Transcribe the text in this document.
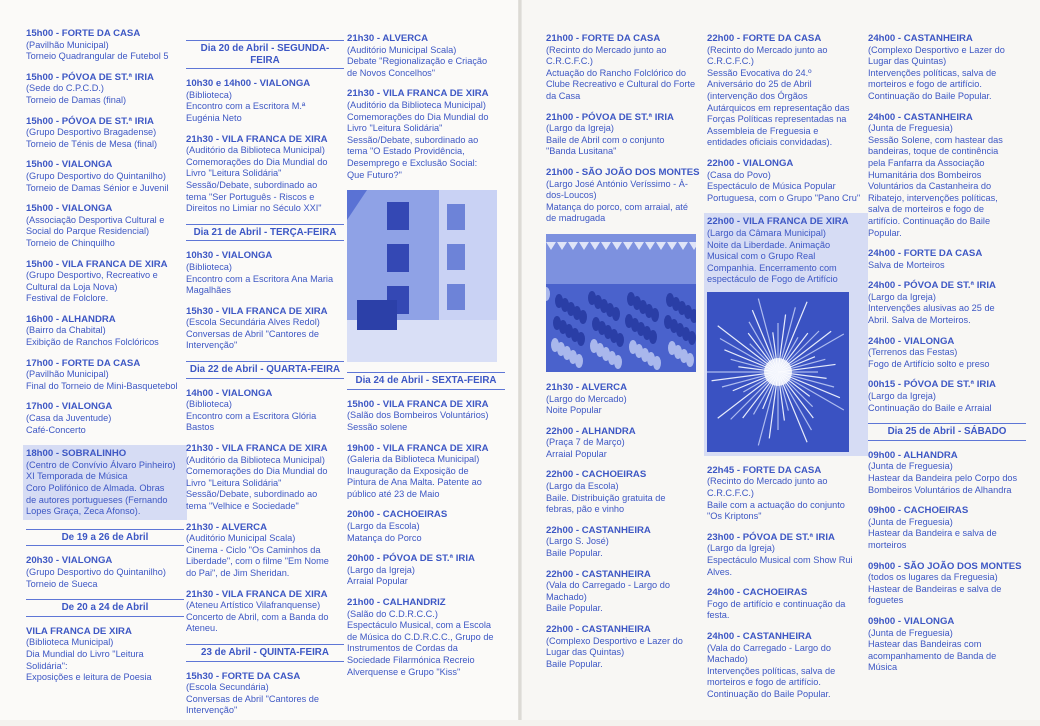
15h00 - FORTE DA CASA
(Pavilhão Municipal)
Torneio Quadrangular de Futebol 5
15h00 - PÓVOA DE ST.ª IRIA
(Sede do C.P.C.D.)
Torneio de Damas (final)
15h00 - PÓVOA DE ST.ª IRIA
(Grupo Desportivo Bragadense)
Torneio de Ténis de Mesa (final)
15h00 - VIALONGA
(Grupo Desportivo do Quintanilho)
Torneio de Damas Sénior e Juvenil
15h00 - VIALONGA
(Associação Desportiva Cultural e
Social do Parque Residencial)
Torneio de Chinquilho
15h00 - VILA FRANCA DE XIRA
(Grupo Desportivo, Recreativo e
Cultural da Loja Nova)
Festival de Folclore.
16h00 - ALHANDRA
(Bairro da Chabital)
Exibição de Ranchos Folclóricos
17h00 - FORTE DA CASA
(Pavilhão Municipal)
Final do Torneio de Mini-Basquetebol
17h00 - VIALONGA
(Casa da Juventude)
Café-Concerto
18h00 - SOBRALINHO
(Centro de Convívio Álvaro Pinheiro)
XI Temporada de Música
Coro Polifónico de Almada. Obras
de autores portugueses (Fernando
Lopes Graça, Zeca Afonso).
De 19 a 26 de Abril
20h30 - VIALONGA
(Grupo Desportivo do Quintanilho)
Torneio de Sueca
De 20 a 24 de Abril
VILA FRANCA DE XIRA
(Biblioteca Municipal)
Dia Mundial do Livro "Leitura Solidária":
Exposições e leitura de Poesia
Dia 20 de Abril - SEGUNDA-FEIRA
10h30 e 14h00 - VIALONGA
(Biblioteca)
Encontro com a Escritora M.ª
Eugénia Neto
21h30 - VILA FRANCA DE XIRA
(Auditório da Biblioteca Municipal)
Comemorações do Dia Mundial do
Livro "Leitura Solidária"
Sessão/Debate, subordinado ao
tema "Ser Português - Riscos e
Direitos no Limiar no Século XXI"
Dia 21 de Abril - TERÇA-FEIRA
10h30 - VIALONGA
(Biblioteca)
Encontro com a Escritora Ana Maria
Magalhães
15h30 - VILA FRANCA DE XIRA
(Escola Secundária Alves Redol)
Conversas de Abril "Cantores de
Intervenção"
Dia 22 de Abril - QUARTA-FEIRA
14h00 - VIALONGA
(Biblioteca)
Encontro com a Escritora Glória Bastos
21h30 - VILA FRANCA DE XIRA
(Auditório da Biblioteca Municipal)
Comemorações do Dia Mundial do
Livro "Leitura Solidária"
Sessão/Debate, subordinado ao
tema "Velhice e Sociedade"
21h30 - ALVERCA
(Auditório Municipal Scala)
Cinema - Ciclo "Os Caminhos da
Liberdade", com o filme "Em Nome
do Pai", de Jim Sheridan.
21h30 - VILA FRANCA DE XIRA
(Ateneu Artístico Vilafranquense)
Concerto de Abril, com a Banda do
Ateneu.
23 de Abril - QUINTA-FEIRA
15h30 - FORTE DA CASA
(Escola Secundária)
Conversas de Abril "Cantores de
Intervenção"
21h30 - ALVERCA
(Auditório Municipal Scala)
Debate "Regionalização e Criação
de Novos Concelhos"
21h30 - VILA FRANCA DE XIRA
(Auditório da Biblioteca Municipal)
Comemorações do Dia Mundial do
Livro "Leitura Solidária"
Sessão/Debate, subordinado ao
tema "O Estado Providência,
Desemprego e Exclusão Social:
Que Futuro?"
Dia 24 de Abril - SEXTA-FEIRA
15h00 - VILA FRANCA DE XIRA
(Salão dos Bombeiros Voluntários)
Sessão solene
19h00 - VILA FRANCA DE XIRA
(Galeria da Biblioteca Municipal)
Inauguração da Exposição de
Pintura de Ana Malta. Patente ao
público até 23 de Maio
20h00 - CACHOEIRAS
(Largo da Escola)
Matança do Porco
20h00 - PÓVOA DE ST.ª IRIA
(Largo da Igreja)
Arraial Popular
21h00 - CALHANDRIZ
(Salão do C.D.R.C.C.)
Espectáculo Musical, com a Escola
de Música do C.D.R.C.C., Grupo de
Instrumentos de Cordas da
Sociedade Filarmónica Recreio
Alverquense e Grupo "Kiss"
21h00 - FORTE DA CASA
(Recinto do Mercado junto ao
C.R.C.F.C.)
Actuação do Rancho Folclórico do
Clube Recreativo e Cultural do Forte
da Casa
21h00 - PÓVOA DE ST.ª IRIA
(Largo da Igreja)
Baile de Abril com o conjunto
"Banda Lusitana"
21h00 - SÃO JOÃO DOS MONTES
(Largo José António Veríssimo - À-
dos-Loucos)
Matança do porco, com arraial, até
de madrugada
21h30 - ALVERCA
(Largo do Mercado)
Noite Popular
22h00 - ALHANDRA
(Praça 7 de Março)
Arraial Popular
22h00 - CACHOEIRAS
(Largo da Escola)
Baile. Distribuição gratuita de
febras, pão e vinho
22h00 - CASTANHEIRA
(Largo S. José)
Baile Popular.
22h00 - CASTANHEIRA
(Vala do Carregado - Largo do
Machado)
Baile Popular.
22h00 - CASTANHEIRA
(Complexo Desportivo e Lazer do
Lugar das Quintas)
Baile Popular.
22h00 - FORTE DA CASA
(Recinto do Mercado junto ao
C.R.C.F.C.)
Sessão Evocativa do 24.º
Aniversário do 25 de Abril
(intervenção dos Órgãos
Autárquicos em representação das
Forças Políticas representadas na
Assembleia de Freguesia e
entidades oficiais convidadas).
22h00 - VIALONGA
(Casa do Povo)
Espectáculo de Música Popular
Portuguesa, com o Grupo "Pano Cru"
22h00 - VILA FRANCA DE XIRA
(Largo da Câmara Municipal)
Noite da Liberdade. Animação
Musical com o Grupo Real
Companhia. Encerramento com
espectáculo de Fogo de Artifício
22h45 - FORTE DA CASA
(Recinto do Mercado junto ao
C.R.C.F.C.)
Baile com a actuação do conjunto
"Os Kriptons"
23h00 - PÓVOA DE ST.ª IRIA
(Largo da Igreja)
Espectáculo Musical com Show Rui
Alves.
24h00 - CACHOEIRAS
Fogo de artifício e continuação da
festa.
24h00 - CASTANHEIRA
(Vala do Carregado - Largo do
Machado)
Intervenções políticas, salva de
morteiros e fogo de artifício.
Continuação do Baile Popular.
24h00 - CASTANHEIRA
(Complexo Desportivo e Lazer do
Lugar das Quintas)
Intervenções políticas, salva de
morteiros e fogo de artifício.
Continuação do Baile Popular.
24h00 - CASTANHEIRA
(Junta de Freguesia)
Sessão Solene, com hastear das
bandeiras, toque de continência
pela Fanfarra da Associação
Humanitária dos Bombeiros
Voluntários da Castanheira do
Ribatejo, intervenções políticas,
salva de morteiros e fogo de
artifício. Continuação do Baile
Popular.
24h00 - FORTE DA CASA
Salva de Morteiros
24h00 - PÓVOA DE ST.ª IRIA
(Largo da Igreja)
Intervenções alusivas ao 25 de
Abril. Salva de Morteiros.
24h00 - VIALONGA
(Terrenos das Festas)
Fogo de Artifício solto e preso
00h15 - PÓVOA DE ST.ª IRIA
(Largo da Igreja)
Continuação do Baile e Arraial
Dia 25 de Abril - SÁBADO
09h00 - ALHANDRA
(Junta de Freguesia)
Hastear da Bandeira pelo Corpo dos
Bombeiros Voluntários de Alhandra
09h00 - CACHOEIRAS
(Junta de Freguesia)
Hastear da Bandeira e salva de
morteiros
09h00 - SÃO JOÃO DOS MONTES
(todos os lugares da Freguesia)
Hastear de Bandeiras e salva de
foguetes
09h00 - VIALONGA
(Junta de Freguesia)
Hastear das Bandeiras com
acompanhamento de Banda de Música
